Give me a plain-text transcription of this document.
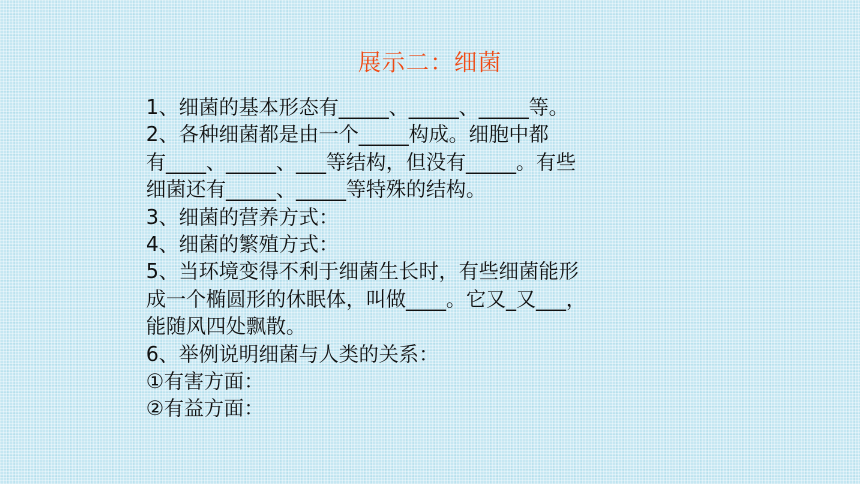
展示二：细菌
1、细菌的基本形态有_____、_____、_____等。
2、各种细菌都是由一个_____构成。细胞中都
有____、_____、___等结构，但没有_____。有些
细菌还有_____、_____等特殊的结构。
3、细菌的营养方式：
4、细菌的繁殖方式：
5、当环境变得不利于细菌生长时，有些细菌能形
成一个椭圆形的休眠体，叫做____。它又_又___，
能随风四处飘散。
6、举例说明细菌与人类的关系：
①有害方面：
②有益方面：
